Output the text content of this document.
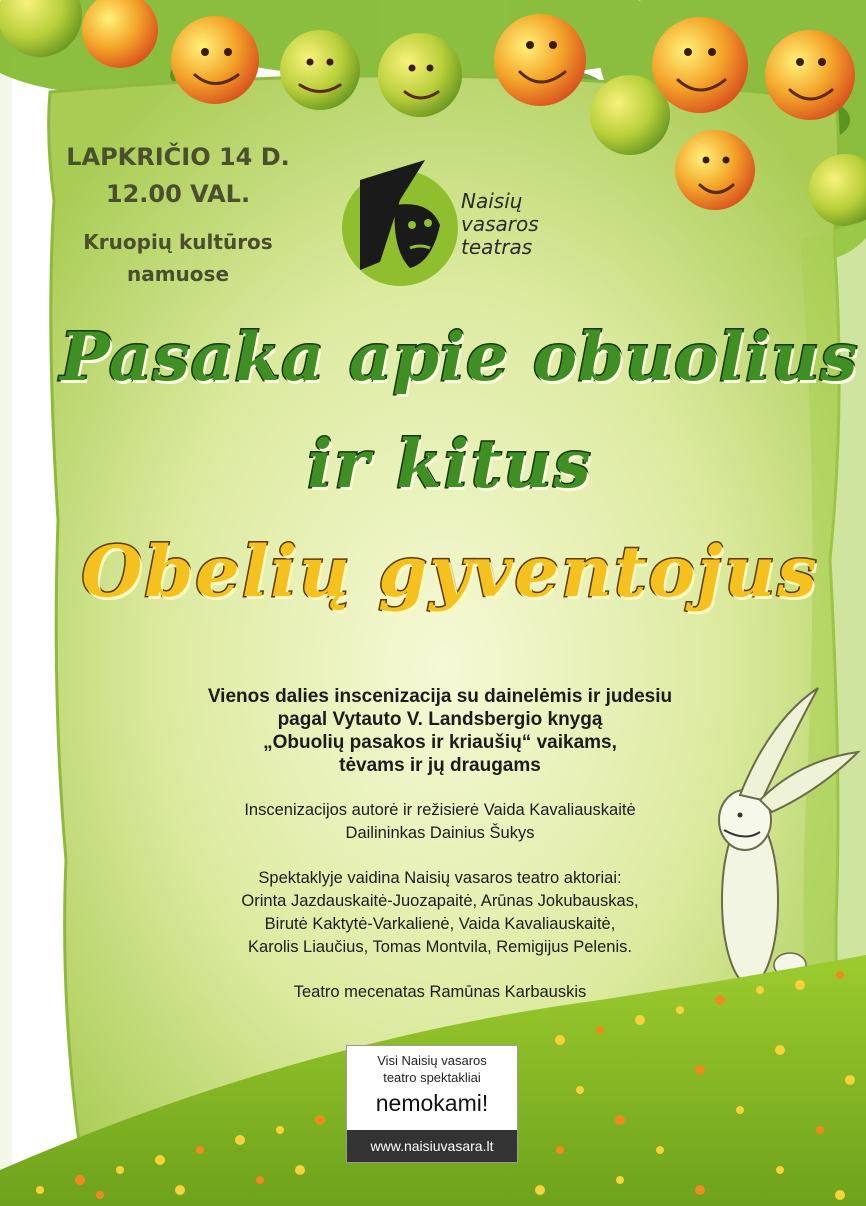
LAPKRIČIO 14 D.
12.00 VAL.
Kruopių kultūros
namuose
Naisių
vasaros
teatras
Pasaka apie obuolius
ir kitus
Obelių gyventojus
Vienos dalies inscenizacija su dainelėmis ir judesiu
pagal Vytauto V. Landsbergio knygą
„Obuolių pasakos ir kriaušių“ vaikams,
tėvams ir jų draugams
Inscenizacijos autorė ir režisierė Vaida Kavaliauskaitė
Dailininkas Dainius Šukys
Spektaklyje vaidina Naisių vasaros teatro aktoriai:
Orinta Jazdauskaitė-Juozapaitė, Arūnas Jokubauskas,
Birutė Kaktytė-Varkalienė, Vaida Kavaliauskaitė,
Karolis Liaučius, Tomas Montvila, Remigijus Pelenis.
Teatro mecenatas Ramūnas Karbauskis
Visi Naisių vasaros
teatro spektakliai
nemokami!
www.naisiuvasara.lt
